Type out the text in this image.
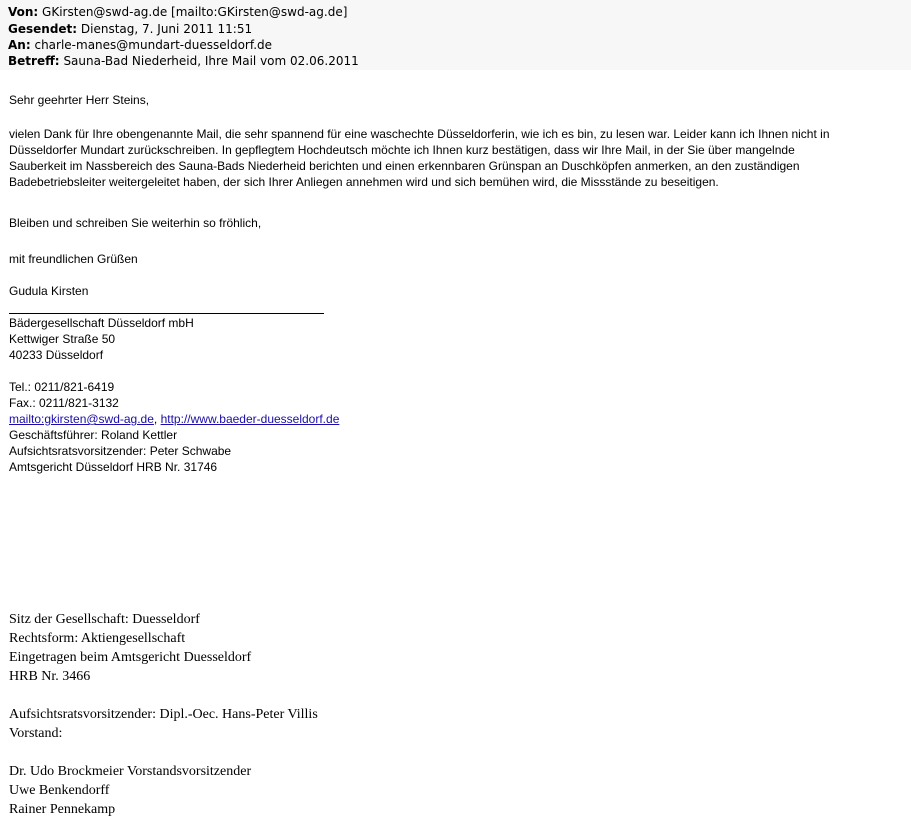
Von: GKirsten@swd-ag.de [mailto:GKirsten@swd-ag.de]
Gesendet: Dienstag, 7. Juni 2011 11:51
An: charle-manes@mundart-duesseldorf.de
Betreff: Sauna-Bad Niederheid, Ihre Mail vom 02.06.2011
Sehr geehrter Herr Steins,
vielen Dank für Ihre obengenannte Mail, die sehr spannend für eine waschechte Düsseldorferin, wie ich es bin, zu lesen war. Leider kann ich Ihnen nicht in
Düsseldorfer Mundart zurückschreiben. In gepflegtem Hochdeutsch möchte ich Ihnen kurz bestätigen, dass wir Ihre Mail, in der Sie über mangelnde
Sauberkeit im Nassbereich des Sauna-Bads Niederheid berichten und einen erkennbaren Grünspan an Duschköpfen anmerken, an den zuständigen
Badebetriebsleiter weitergeleitet haben, der sich Ihrer Anliegen annehmen wird und sich bemühen wird, die Missstände zu beseitigen.
Bleiben und schreiben Sie weiterhin so fröhlich,
mit freundlichen Grüßen
Gudula Kirsten
Bädergesellschaft Düsseldorf mbH
Kettwiger Straße 50
40233 Düsseldorf
Tel.: 0211/821-6419
Fax.: 0211/821-3132
mailto:gkirsten@swd-ag.de, http://www.baeder-duesseldorf.de
Geschäftsführer: Roland Kettler
Aufsichtsratsvorsitzender: Peter Schwabe
Amtsgericht Düsseldorf HRB Nr. 31746
Sitz der Gesellschaft: Duesseldorf
Rechtsform: Aktiengesellschaft
Eingetragen beim Amtsgericht Duesseldorf
HRB Nr. 3466
Aufsichtsratsvorsitzender: Dipl.-Oec. Hans-Peter Villis
Vorstand:
Dr. Udo Brockmeier Vorstandsvorsitzender
Uwe Benkendorff
Rainer Pennekamp
